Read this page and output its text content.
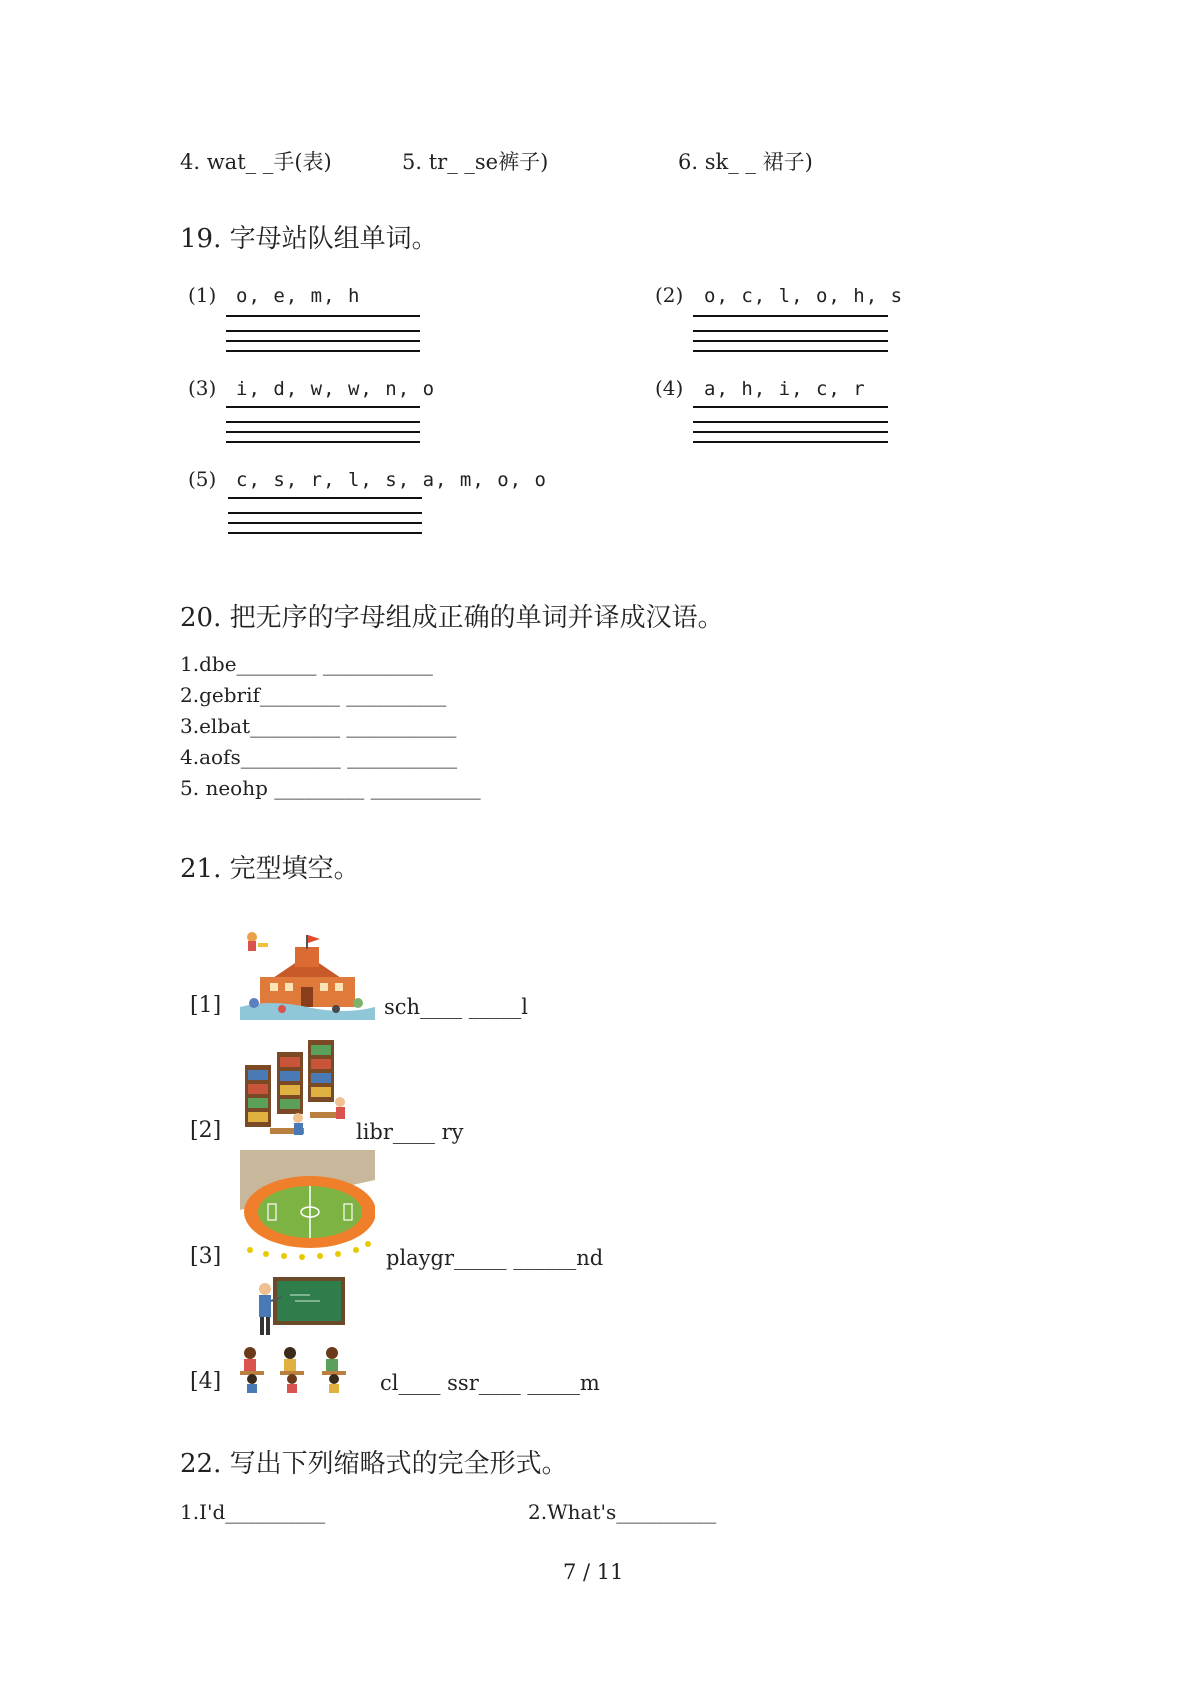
4. wat_ _手(表)	5. tr_ _se裤子)	6. sk_ _ 裙子)
19. 字母站队组单词。
(1) o, e, m, h	(2) o, c, l, o, h, s
(3) i, d, w, w, n, o	(4) a, h, i, c, r
(5) c, s, r, l, s, a, m, o, o
20. 把无序的字母组成正确的单词并译成汉语。
1.dbe________ ___________
2.gebrif________ __________
3.elbat_________ ___________
4.aofs__________ ___________
5. neohp _________ ___________
21. 完型填空。
[1]	sch____ _____l
[2]	libr____ ry
[3]	playgr_____ ______nd
[4]	cl____ ssr____ _____m
22. 写出下列缩略式的完全形式。
1.I'd__________	2.What's__________
7 / 11
